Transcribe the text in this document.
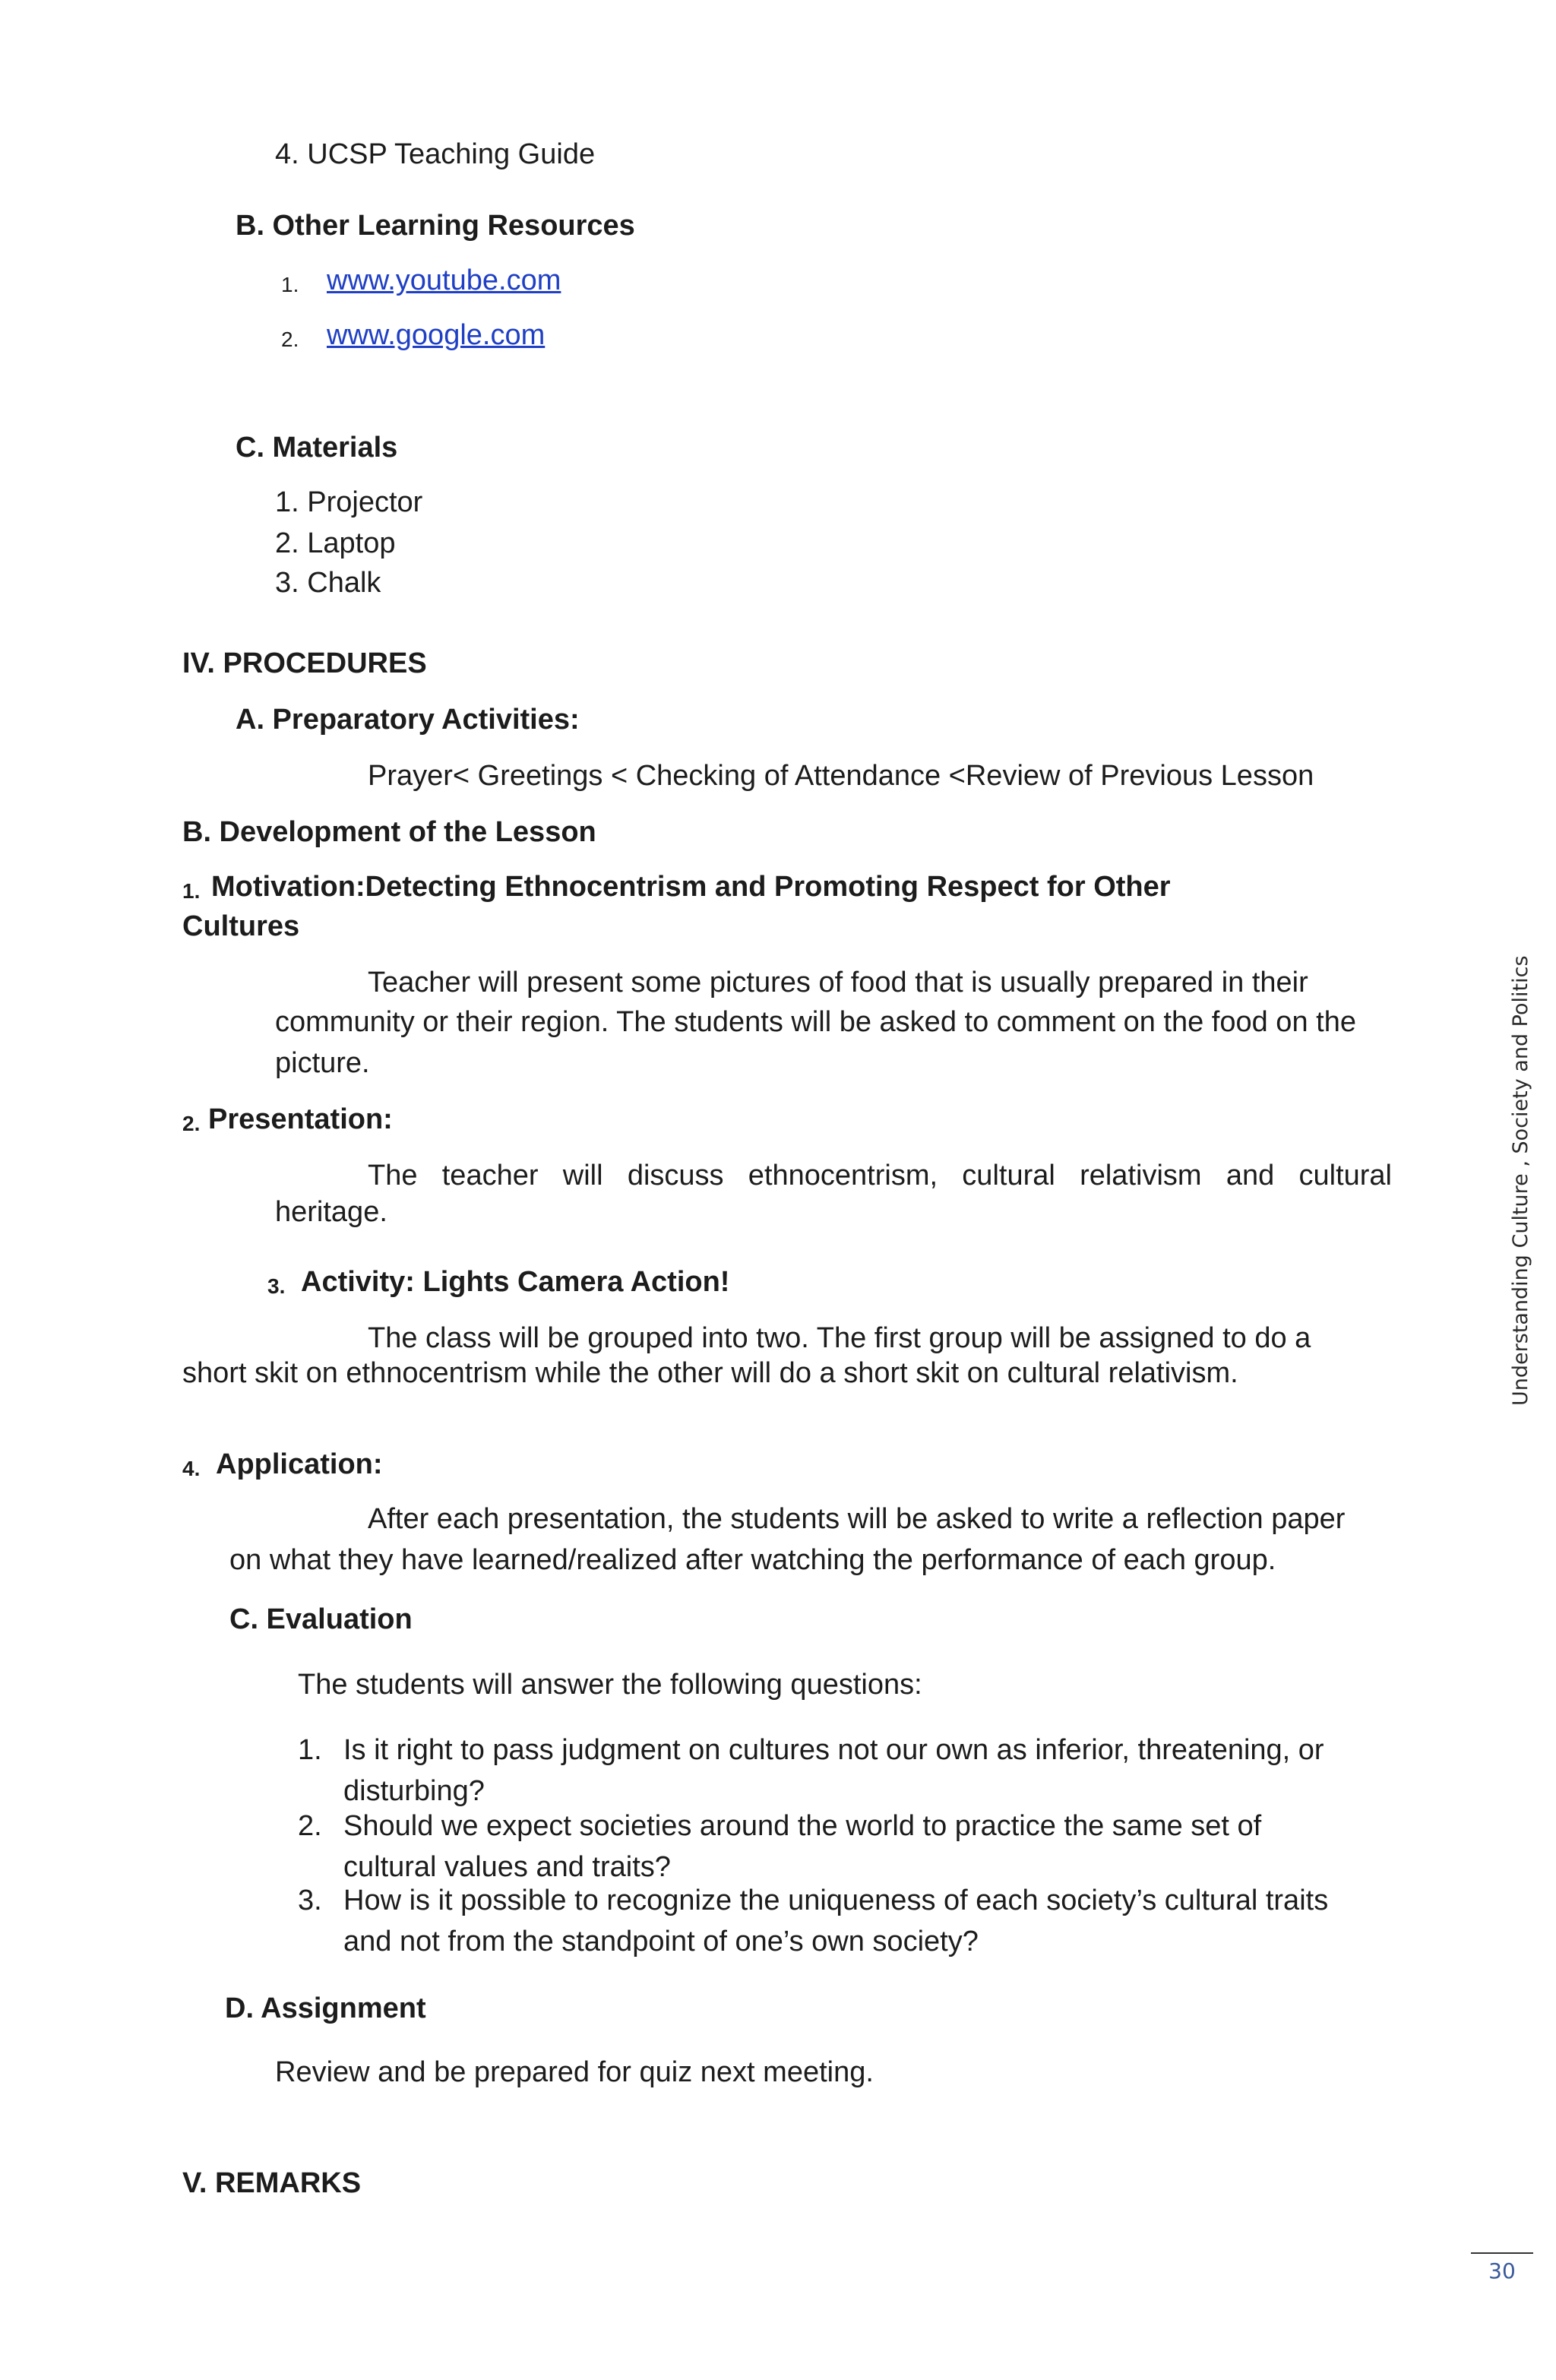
4. UCSP Teaching Guide
B. Other Learning Resources
1. www.youtube.com
2. www.google.com
C. Materials
1. Projector
2. Laptop
3. Chalk
IV. PROCEDURES
A. Preparatory Activities:
Prayer< Greetings < Checking of Attendance <Review of Previous Lesson
B. Development of the Lesson
1. Motivation:Detecting Ethnocentrism and Promoting Respect for Other
Cultures
Teacher will present some pictures of food that is usually prepared in their
community or their region. The students will be asked to comment on the food on the
picture.
2. Presentation:
The teacher will discuss ethnocentrism, cultural relativism and cultural
heritage.
3. Activity: Lights Camera Action!
The class will be grouped into two. The first group will be assigned to do a
short skit on ethnocentrism while the other will do a short skit on cultural relativism.
4. Application:
After each presentation, the students will be asked to write a reflection paper
on what they have learned/realized after watching the performance of each group.
C. Evaluation
The students will answer the following questions:
1. Is it right to pass judgment on cultures not our own as inferior, threatening, or
disturbing?
2. Should we expect societies around the world to practice the same set of
cultural values and traits?
3. How is it possible to recognize the uniqueness of each society’s cultural traits
and not from the standpoint of one’s own society?
D. Assignment
Review and be prepared for quiz next meeting.
V. REMARKS
Understanding Culture , Society and Politics
30
